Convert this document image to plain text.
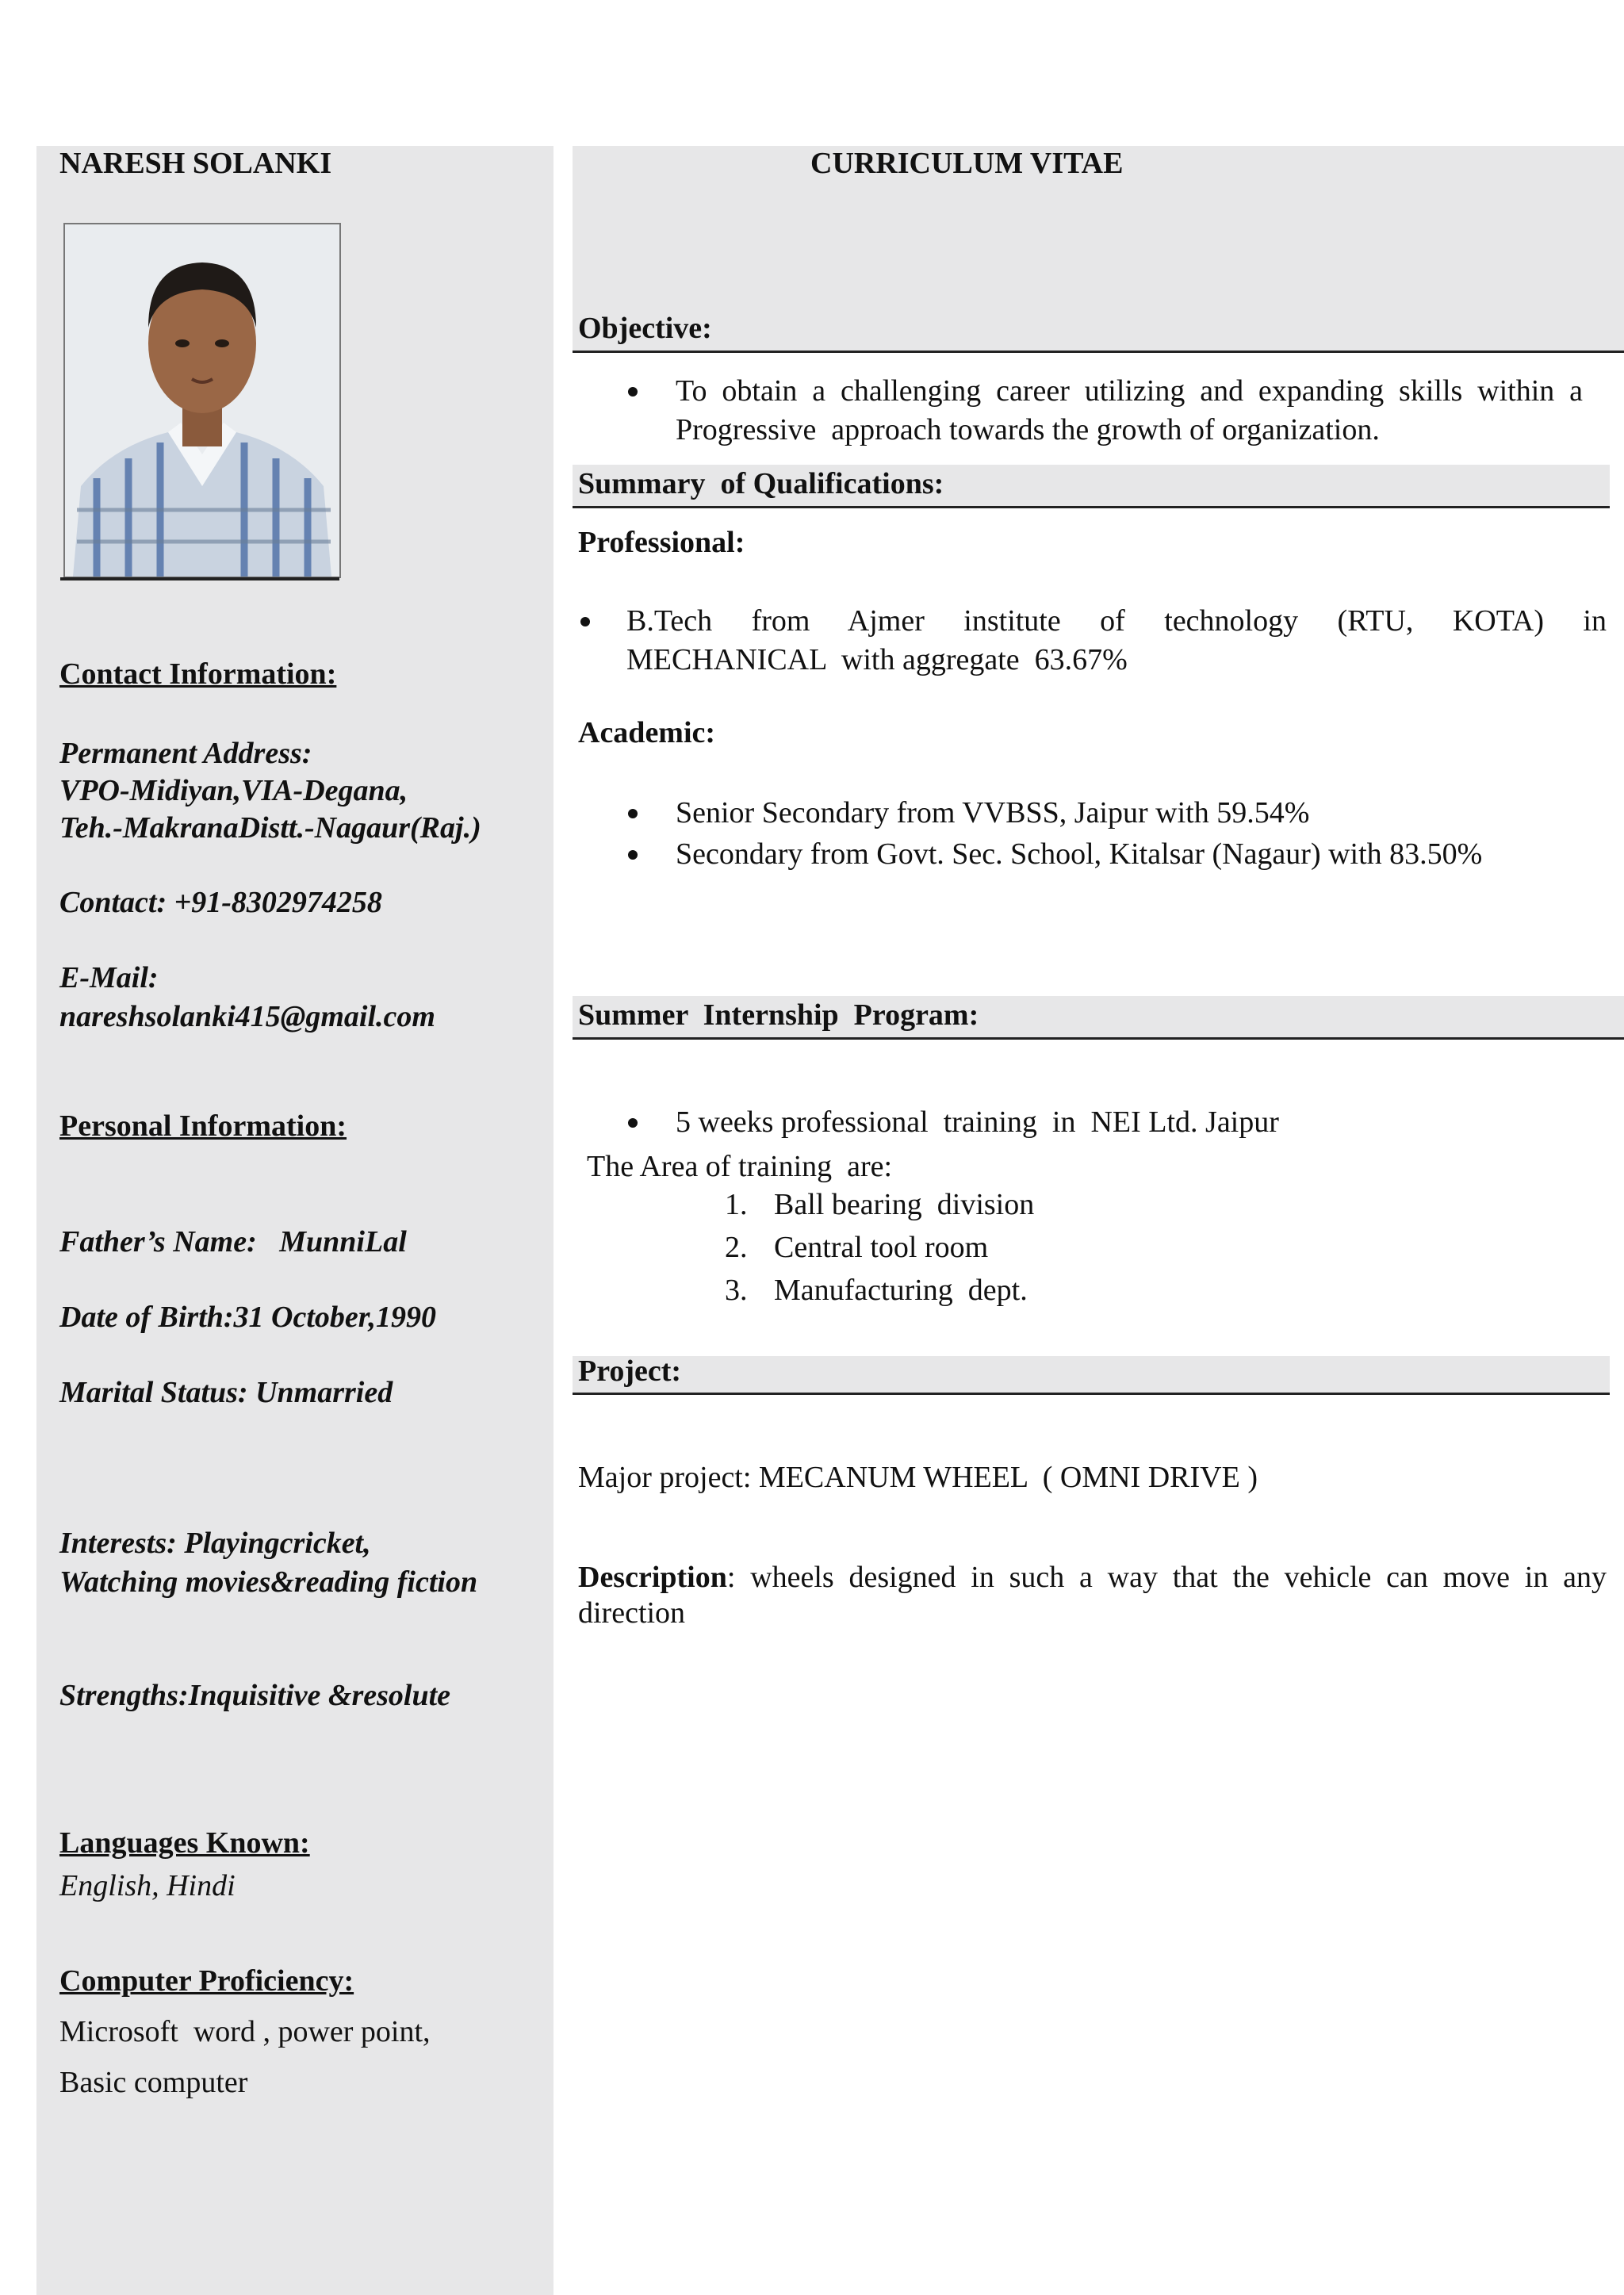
NARESH SOLANKI	CURRICULUM VITAE
Contact Information:
Permanent Address:
VPO-Midiyan,VIA-Degana,
Teh.-MakranaDistt.-Nagaur(Raj.)
Contact: +91-8302974258
E-Mail:
nareshsolanki415@gmail.com
Personal Information:
Father’s Name:   MunniLal
Date of Birth:31 October,1990
Marital Status: Unmarried
Interests: Playingcricket,
Watching movies&reading fiction
Strengths:Inquisitive &resolute
Languages Known:
English, Hindi
Computer Proficiency:
Microsoft  word , power point,
Basic computer
Objective:
To obtain a challenging career utilizing and expanding skills within a
Progressive  approach towards the growth of organization.
Summary  of Qualifications:
Professional:
B.Tech from Ajmer institute of technology (RTU, KOTA) in
MECHANICAL  with aggregate  63.67%
Academic:
Senior Secondary from VVBSS, Jaipur with 59.54%
Secondary from Govt. Sec. School, Kitalsar (Nagaur) with 83.50%
Summer  Internship  Program:
5 weeks professional  training  in  NEI Ltd. Jaipur
The Area of training  are:
1. Ball bearing  division
2. Central tool room
3. Manufacturing  dept.
Project:
Major project: MECANUM WHEEL  ( OMNI DRIVE )
Description : wheels designed in such a way that the vehicle can move in any
direction
